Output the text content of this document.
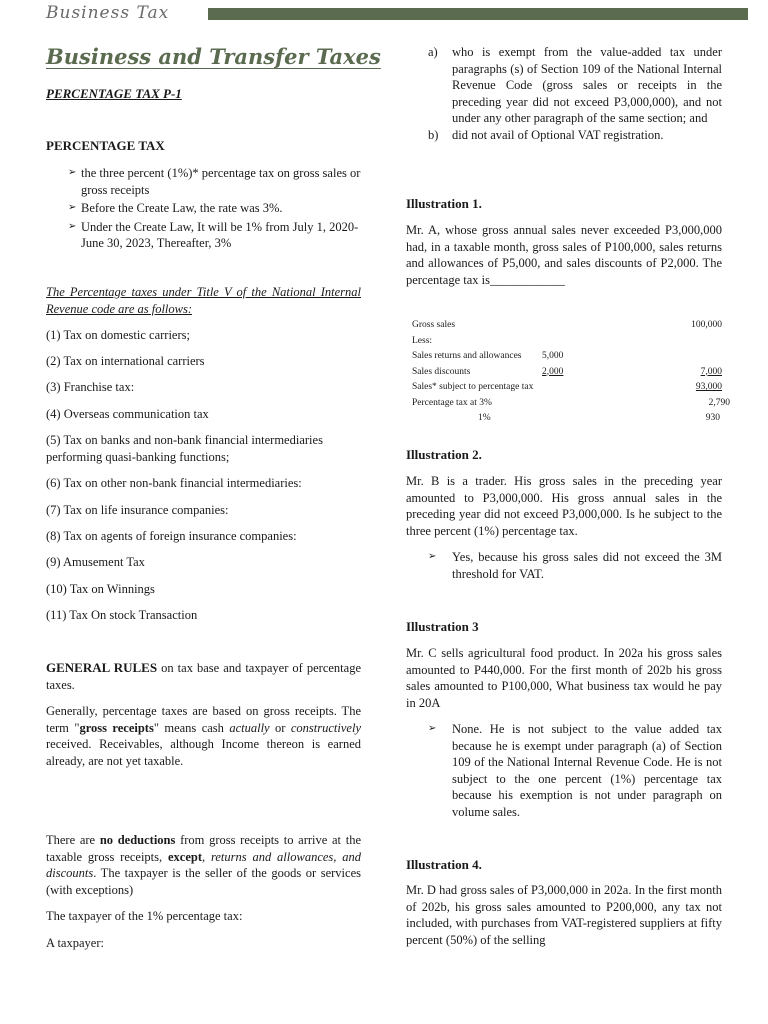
Business Tax
Business and Transfer Taxes
PERCENTAGE TAX P-1
PERCENTAGE TAX
➢ the three percent (1%)* percentage tax on gross sales or gross receipts
➢ Before the Create Law, the rate was 3%.
➢ Under the Create Law, It will be 1% from July 1, 2020-June 30, 2023, Thereafter, 3%
The Percentage taxes under Title V of the National Internal Revenue code are as follows:
(1) Tax on domestic carriers;
(2) Tax on international carriers
(3) Franchise tax:
(4) Overseas communication tax
(5) Tax on banks and non-bank financial intermediaries performing quasi-banking functions;
(6) Tax on other non-bank financial intermediaries:
(7) Tax on life insurance companies:
(8) Tax on agents of foreign insurance companies:
(9) Amusement Tax
(10) Tax on Winnings
(11) Tax On stock Transaction
GENERAL RULES on tax base and taxpayer of percentage taxes.
Generally, percentage taxes are based on gross receipts. The term "gross receipts" means cash actually or constructively received. Receivables, although Income thereon is earned already, are not yet taxable.
There are no deductions from gross receipts to arrive at the taxable gross receipts, except, returns and allowances, and discounts. The taxpayer is the seller of the goods or services (with exceptions)
The taxpayer of the 1% percentage tax:
A taxpayer:
a) who is exempt from the value-added tax under paragraphs (s) of Section 109 of the National Internal Revenue Code (gross sales or receipts in the preceding year did not exceed P3,000,000), and not under any other paragraph of the same section; and
b) did not avail of Optional VAT registration.
Illustration 1.
Mr. A, whose gross annual sales never exceeded P3,000,000 had, in a taxable month, gross sales of P100,000, sales returns and allowances of P5,000, and sales discounts of P2,000. The percentage tax is____________
Gross sales	100,000
Less:
Sales returns and allowances 5,000
Sales discounts	2,000	7,000
Sales* subject to percentage tax	93,000
Percentage tax at 3%	2,790
1%	930
Illustration 2.
Mr. B is a trader. His gross sales in the preceding year amounted to P3,000,000. His gross annual sales in the preceding year did not exceed P3,000,000. Is he subject to the three percent (1%) percentage tax.
➢ Yes, because his gross sales did not exceed the 3M threshold for VAT.
Illustration 3
Mr. C sells agricultural food product. In 202a his gross sales amounted to P440,000. For the first month of 202b his gross sales amounted to P100,000, What business tax would he pay in 20A
➢ None. He is not subject to the value added tax because he is exempt under paragraph (a) of Section 109 of the National Internal Revenue Code. He is not subject to the one percent (1%) percentage tax because his exemption is not under paragraph on volume sales.
Illustration 4.
Mr. D had gross sales of P3,000,000 in 202a. In the first month of 202b, his gross sales amounted to P200,000, any tax not included, with purchases from VAT-registered suppliers at fifty percent (50%) of the selling
